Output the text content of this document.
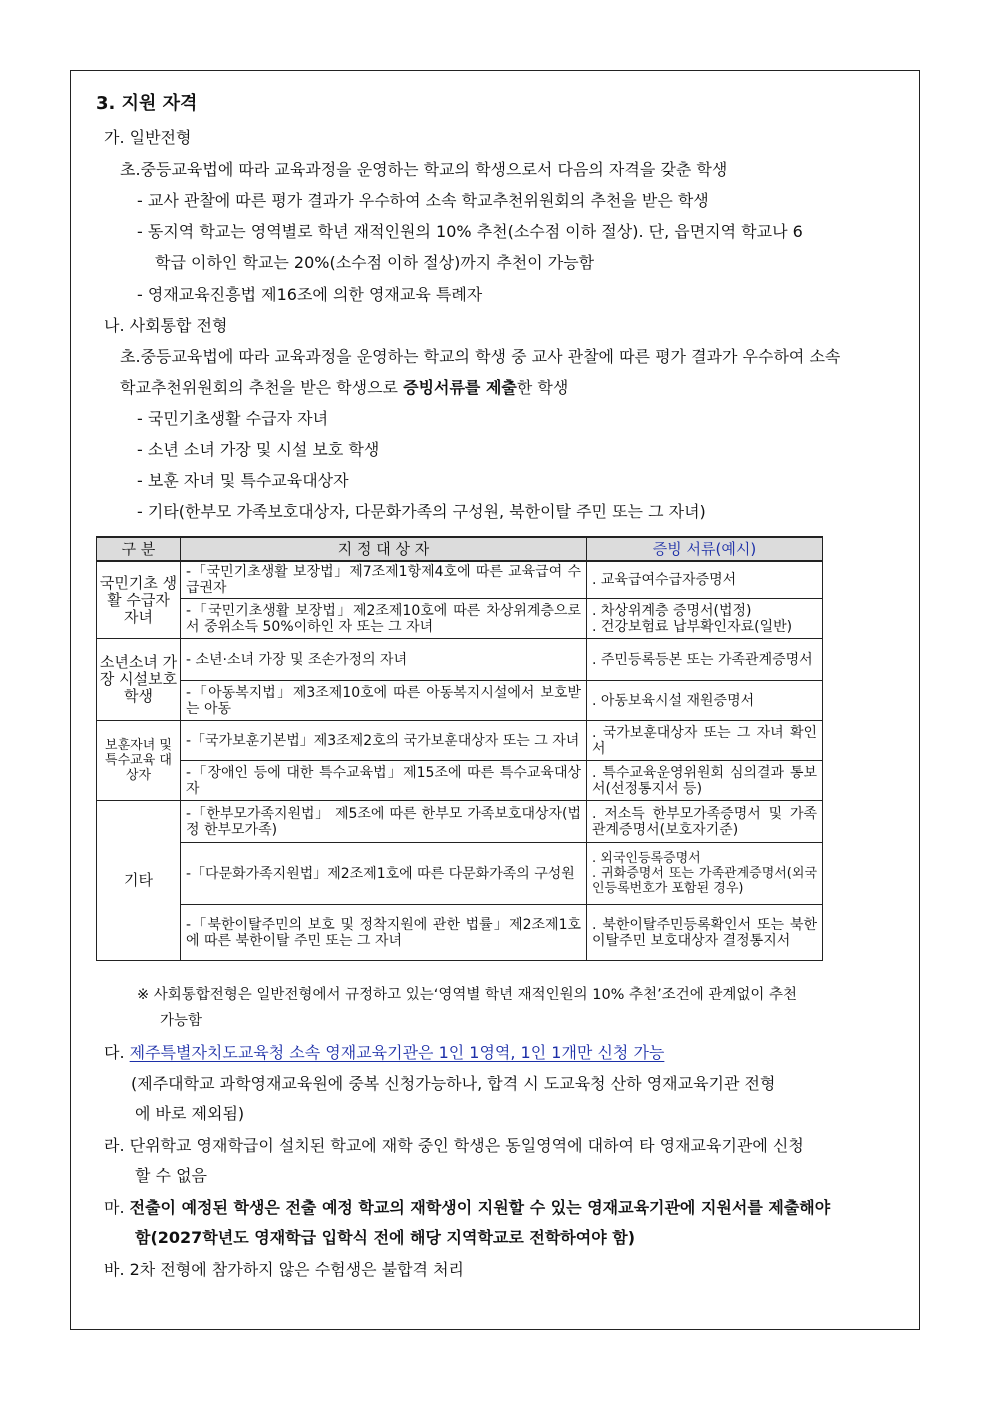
3. 지원 자격
가. 일반전형
초.중등교육법에 따라 교육과정을 운영하는 학교의 학생으로서 다음의 자격을 갖춘 학생
- 교사 관찰에 따른 평가 결과가 우수하여 소속 학교추천위원회의 추천을 받은 학생
- 동지역 학교는 영역별로 학년 재적인원의 10% 추천(소수점 이하 절상). 단, 읍면지역 학교나 6
학급 이하인 학교는 20%(소수점 이하 절상)까지 추천이 가능함
- 영재교육진흥법 제16조에 의한 영재교육 특례자
나. 사회통합 전형
초.중등교육법에 따라 교육과정을 운영하는 학교의 학생 중 교사 관찰에 따른 평가 결과가 우수하여 소속
학교추천위원회의 추천을 받은 학생으로 증빙서류를 제출한 학생
- 국민기초생활 수급자 자녀
- 소년 소녀 가장 및 시설 보호 학생
- 보훈 자녀 및 특수교육대상자
- 기타(한부모 가족보호대상자, 다문화가족의 구성원, 북한이탈 주민 또는 그 자녀)
구 분	지 정 대 상 자	증빙 서류(예시)
국민기초 생활 수급자 자녀	-「국민기초생활 보장법」제7조제1항제4호에 따른 교육급여 수급권자	. 교육급여수급자증명서
	-「국민기초생활 보장법」제2조제10호에 따른 차상위계층으로서 중위소득 50%이하인 자 또는 그 자녀	. 차상위계층 증명서(법정)
. 건강보험료 납부확인자료(일반)
소년소녀 가장 시설보호학생	- 소년·소녀 가장 및 조손가정의 자녀	. 주민등록등본 또는 가족관계증명서
	-「아동복지법」제3조제10호에 따른 아동복지시설에서 보호받는 아동	. 아동보육시설 재원증명서
보훈자녀 및 특수교육 대상자	-「국가보훈기본법」제3조제2호의 국가보훈대상자 또는 그 자녀	. 국가보훈대상자 또는 그 자녀 확인서
	-「장애인 등에 대한 특수교육법」제15조에 따른 특수교육대상자	. 특수교육운영위원회 심의결과 통보서(선정통지서 등)
기타	-「한부모가족지원법」 제5조에 따른 한부모 가족보호대상자(법정 한부모가족)	. 저소득 한부모가족증명서 및 가족관계증명서(보호자기준)
	-「다문화가족지원법」제2조제1호에 따른 다문화가족의 구성원	. 외국인등록증명서
. 귀화증명서 또는 가족관계증명서(외국인등록번호가 포함된 경우)
	-「북한이탈주민의 보호 및 정착지원에 관한 법률」제2조제1호에 따른 북한이탈 주민 또는 그 자녀	. 북한이탈주민등록확인서 또는 북한이탈주민 보호대상자 결정통지서
※ 사회통합전형은 일반전형에서 규정하고 있는‘영역별 학년 재적인원의 10% 추천’조건에 관계없이 추천
가능함
다. 제주특별자치도교육청 소속 영재교육기관은 1인 1영역, 1인 1개만 신청 가능
(제주대학교 과학영재교육원에 중복 신청가능하나, 합격 시 도교육청 산하 영재교육기관 전형
에 바로 제외됨)
라. 단위학교 영재학급이 설치된 학교에 재학 중인 학생은 동일영역에 대하여 타 영재교육기관에 신청
할 수 없음
마. 전출이 예정된 학생은 전출 예정 학교의 재학생이 지원할 수 있는 영재교육기관에 지원서를 제출해야
함(2027학년도 영재학급 입학식 전에 해당 지역학교로 전학하여야 함)
바. 2차 전형에 참가하지 않은 수험생은 불합격 처리
